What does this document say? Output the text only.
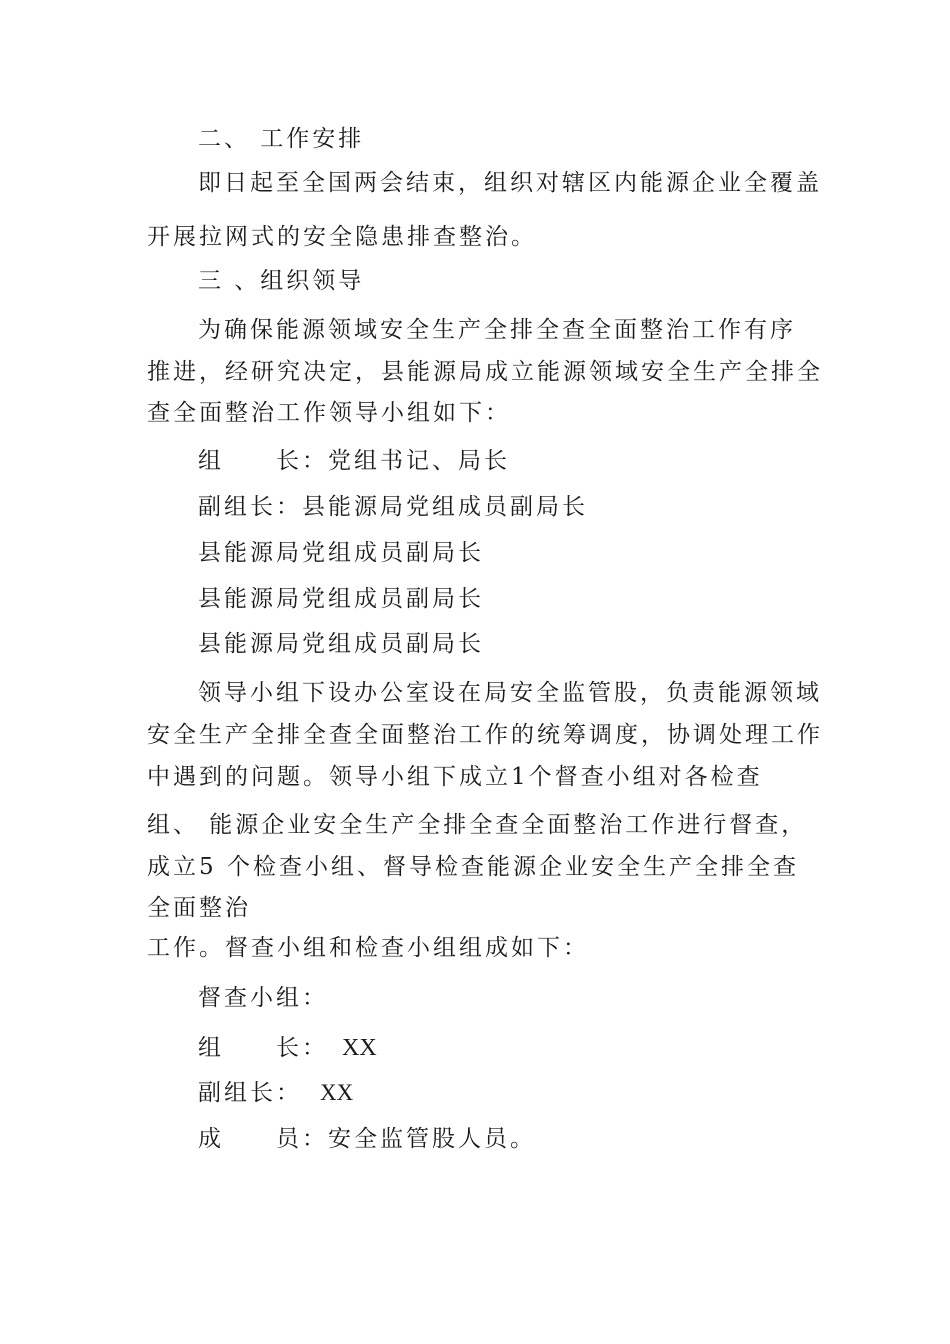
二、 工作安排
即日起至全国两会结束，组织对辖区内能源企业全覆盖
开展拉网式的安全隐患排查整治。
三 、组织领导
为确保能源领域安全生产全排全查全面整治工作有序
推进，经研究决定，县能源局成立能源领域安全生产全排全
查全面整治工作领导小组如下：
组　　长：党组书记、局长
副组长：县能源局党组成员副局长
县能源局党组成员副局长
县能源局党组成员副局长
县能源局党组成员副局长
领导小组下设办公室设在局安全监管股，负责能源领域
安全生产全排全查全面整治工作的统筹调度，协调处理工作
中遇到的问题。领导小组下成立1个督查小组对各检查
组、 能源企业安全生产全排全查全面整治工作进行督查，
成立5 个检查小组、督导检查能源企业安全生产全排全查
全面整治
工作。督查小组和检查小组组成如下：
督查小组：
组　　长： XX
副组长： XX
成　　员：安全监管股人员。
